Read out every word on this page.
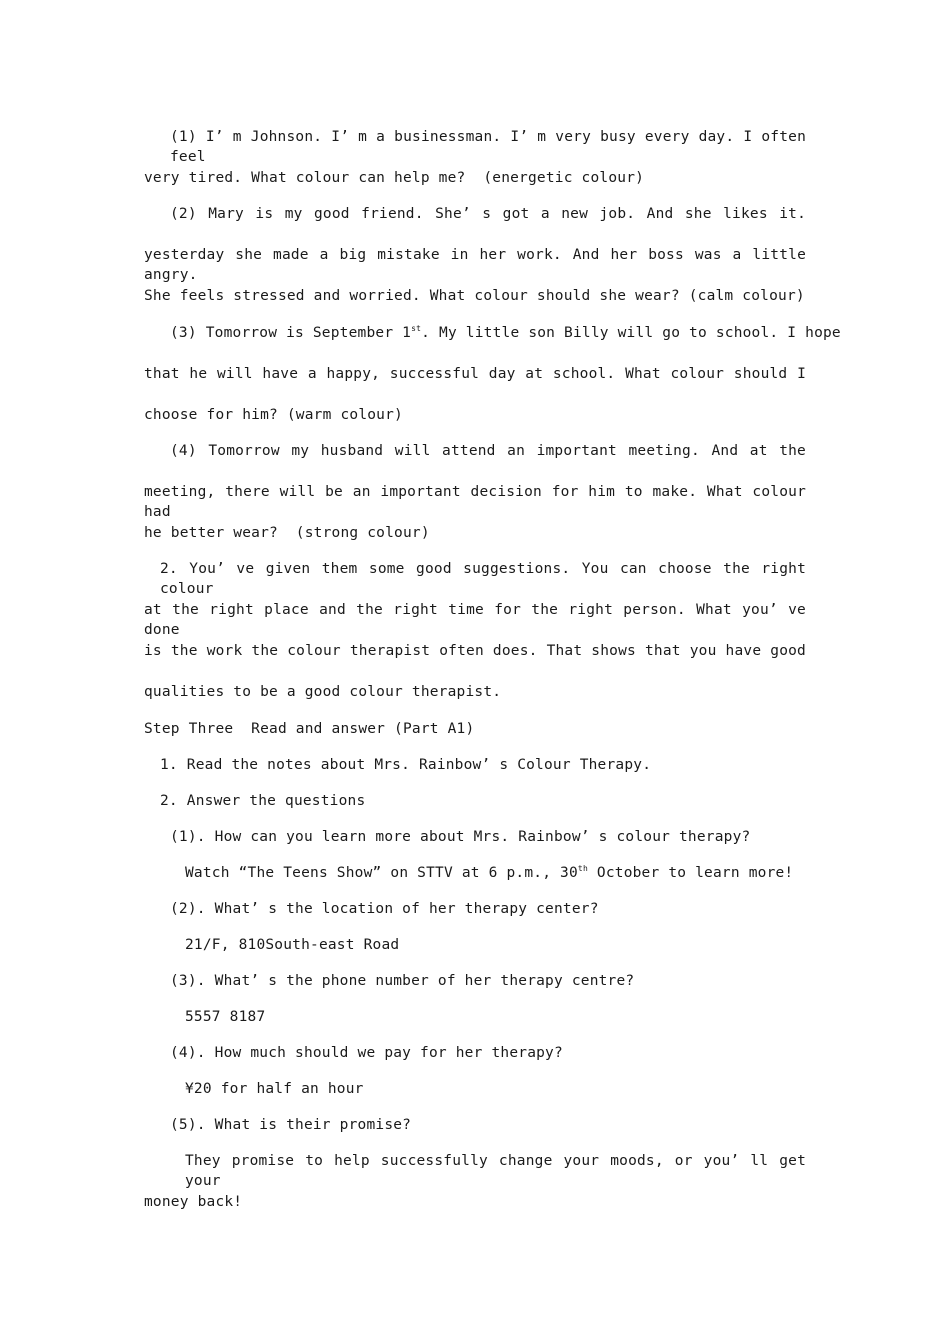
(1) I’ m Johnson. I’ m a businessman. I’ m very busy every day. I often feel
very tired. What colour can help me?  (energetic colour)
(2) Mary is my good friend. She’ s got a new job. And she likes it.
yesterday she made a big mistake in her work. And her boss was a little angry.
She feels stressed and worried. What colour should she wear? (calm colour)
(3) Tomorrow is September 1st. My little son Billy will go to school. I hope
that he will have a happy, successful day at school. What colour should I
choose for him? (warm colour)
(4) Tomorrow my husband will attend an important meeting. And at the
meeting, there will be an important decision for him to make. What colour had
he better wear?  (strong colour)
2. You’ ve given them some good suggestions. You can choose the right colour
at the right place and the right time for the right person. What you’ ve done
is the work the colour therapist often does. That shows that you have good
qualities to be a good colour therapist.
Step Three  Read and answer (Part A1)
1. Read the notes about Mrs. Rainbow’ s Colour Therapy.
2. Answer the questions
(1). How can you learn more about Mrs. Rainbow’ s colour therapy?
Watch “The Teens Show” on STTV at 6 p.m., 30th October to learn more!
(2). What’ s the location of her therapy center?
21/F, 810South-east Road
(3). What’ s the phone number of her therapy centre?
5557 8187
(4). How much should we pay for her therapy?
¥20 for half an hour
(5). What is their promise?
They promise to help successfully change your moods, or you’ ll get your
money back!
